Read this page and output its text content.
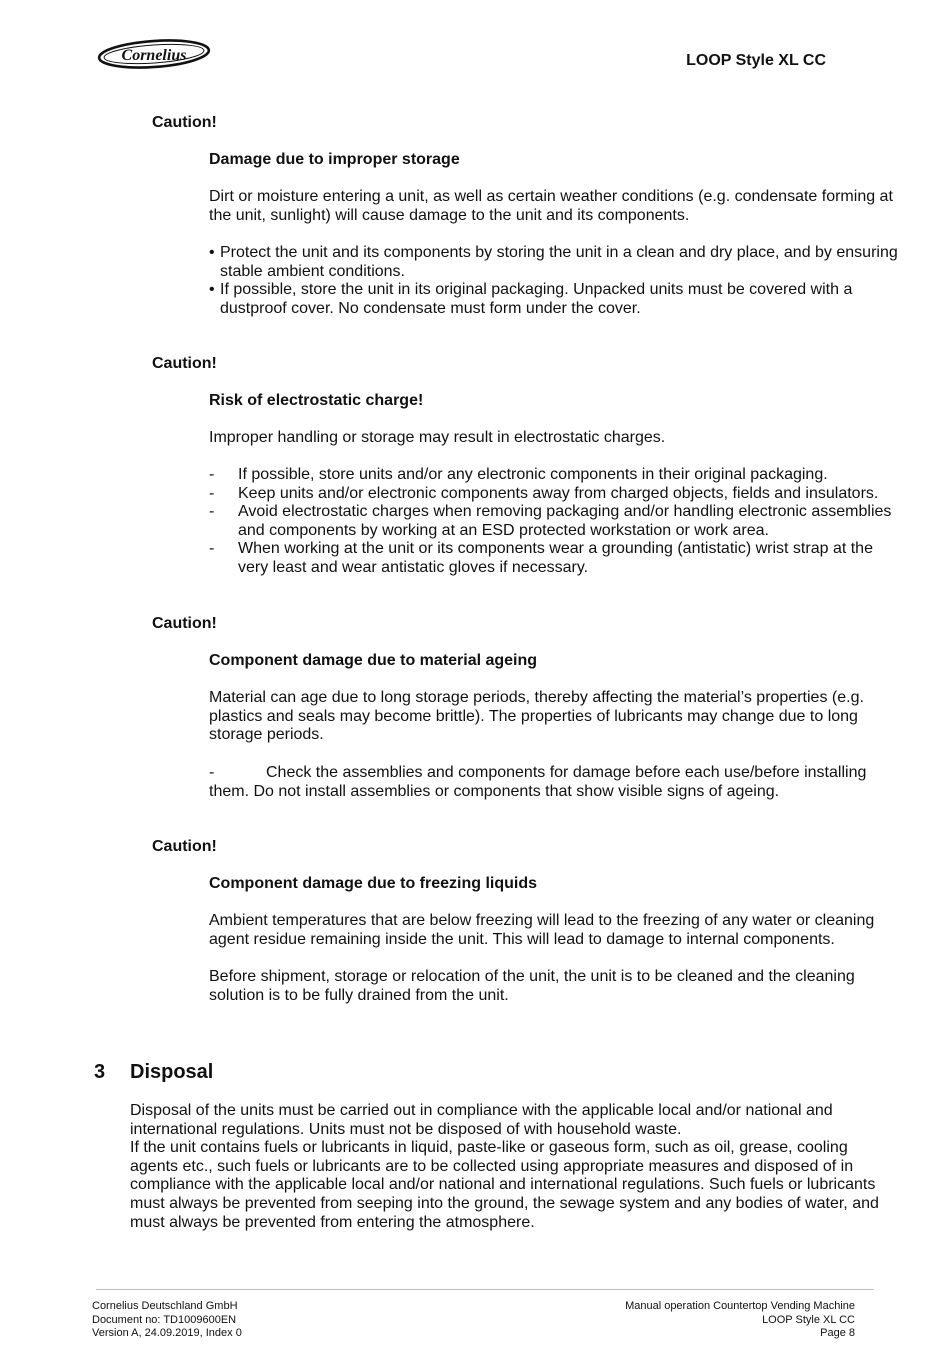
Cornelius	LOOP Style XL CC
Caution!
Damage due to improper storage
Dirt or moisture entering a unit, as well as certain weather conditions (e.g. condensate forming at the unit, sunlight) will cause damage to the unit and its components.

• Protect the unit and its components by storing the unit in a clean and dry place, and by ensuring stable ambient conditions.

• If possible, store the unit in its original packaging. Unpacked units must be covered with a dustproof cover. No condensate must form under the cover.

Caution!
Risk of electrostatic charge!
Improper handling or storage may result in electrostatic charges.

- If possible, store units and/or any electronic components in their original packaging.

- Keep units and/or electronic components away from charged objects, fields and insulators.

- Avoid electrostatic charges when removing packaging and/or handling electronic assemblies and components by working at an ESD protected workstation or work area.

- When working at the unit or its components wear a grounding (antistatic) wrist strap at the very least and wear antistatic gloves if necessary.

Caution!
Component damage due to material ageing
Material can age due to long storage periods, thereby affecting the material’s properties (e.g. plastics and seals may become brittle). The properties of lubricants may change due to long storage periods.
-	Check the assemblies and components for damage before each use/before installing them. Do not install assemblies or components that show visible signs of ageing.
Caution!
Component damage due to freezing liquids
Ambient temperatures that are below freezing will lead to the freezing of any water or cleaning agent residue remaining inside the unit. This will lead to damage to internal components.
Before shipment, storage or relocation of the unit, the unit is to be cleaned and the cleaning solution is to be fully drained from the unit.
3 Disposal
Disposal of the units must be carried out in compliance with the applicable local and/or national and international regulations. Units must not be disposed of with household waste.
If the unit contains fuels or lubricants in liquid, paste-like or gaseous form, such as oil, grease, cooling agents etc., such fuels or lubricants are to be collected using appropriate measures and disposed of in compliance with the applicable local and/or national and international regulations. Such fuels or lubricants must always be prevented from seeping into the ground, the sewage system and any bodies of water, and must always be prevented from entering the atmosphere.
Cornelius Deutschland GmbH
Document no: TD1009600EN
Version A, 24.09.2019, Index 0
Manual operation Countertop Vending Machine
LOOP Style XL CC
Page 8
